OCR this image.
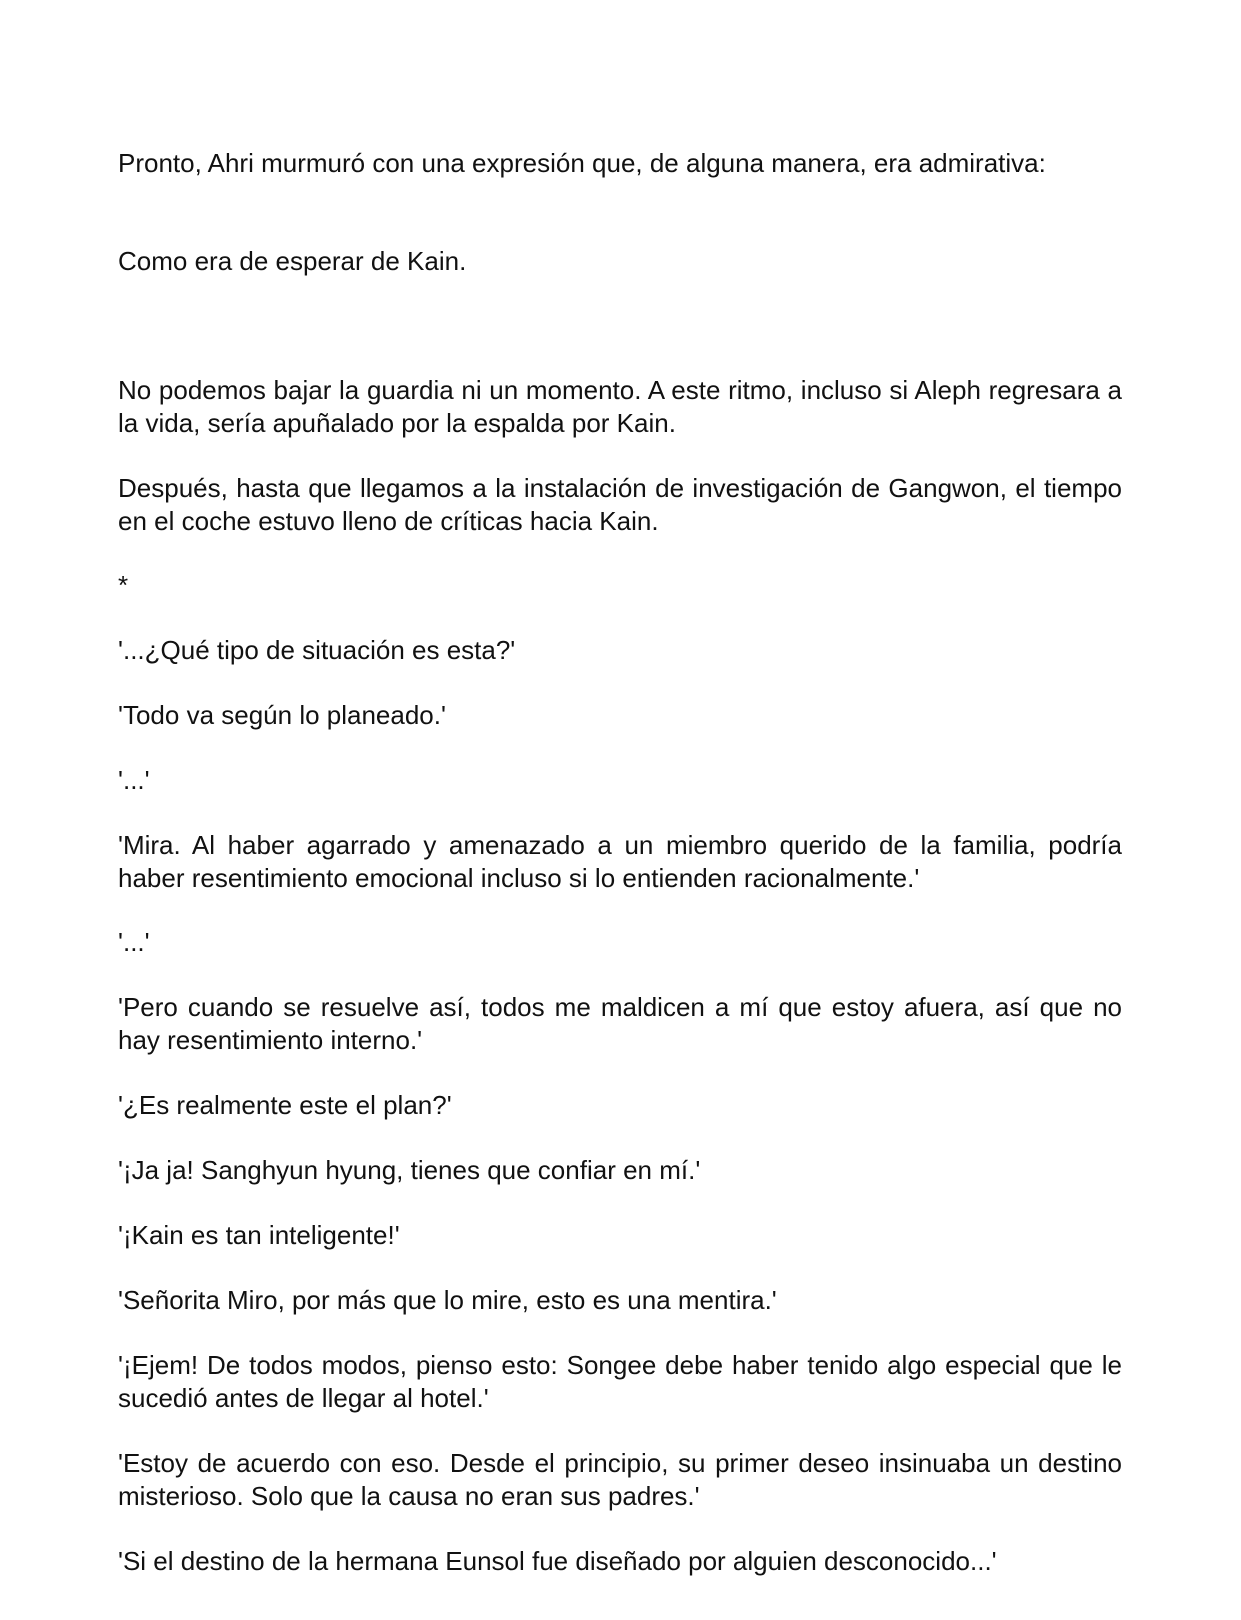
Pronto, Ahri murmuró con una expresión que, de alguna manera, era admirativa:

Como era de esperar de Kain.

No podemos bajar la guardia ni un momento. A este ritmo, incluso si Aleph regresara a la vida, sería apuñalado por la espalda por Kain.

Después, hasta que llegamos a la instalación de investigación de Gangwon, el tiempo en el coche estuvo lleno de críticas hacia Kain.

*

'...¿Qué tipo de situación es esta?'

'Todo va según lo planeado.'

'...'

'Mira. Al haber agarrado y amenazado a un miembro querido de la familia, podría haber resentimiento emocional incluso si lo entienden racionalmente.'

'...'

'Pero cuando se resuelve así, todos me maldicen a mí que estoy afuera, así que no hay resentimiento interno.'

'¿Es realmente este el plan?'

'¡Ja ja! Sanghyun hyung, tienes que confiar en mí.'

'¡Kain es tan inteligente!'

'Señorita Miro, por más que lo mire, esto es una mentira.'

'¡Ejem! De todos modos, pienso esto: Songee debe haber tenido algo especial que le sucedió antes de llegar al hotel.'

'Estoy de acuerdo con eso. Desde el principio, su primer deseo insinuaba un destino misterioso. Solo que la causa no eran sus padres.'

'Si el destino de la hermana Eunsol fue diseñado por alguien desconocido...'
